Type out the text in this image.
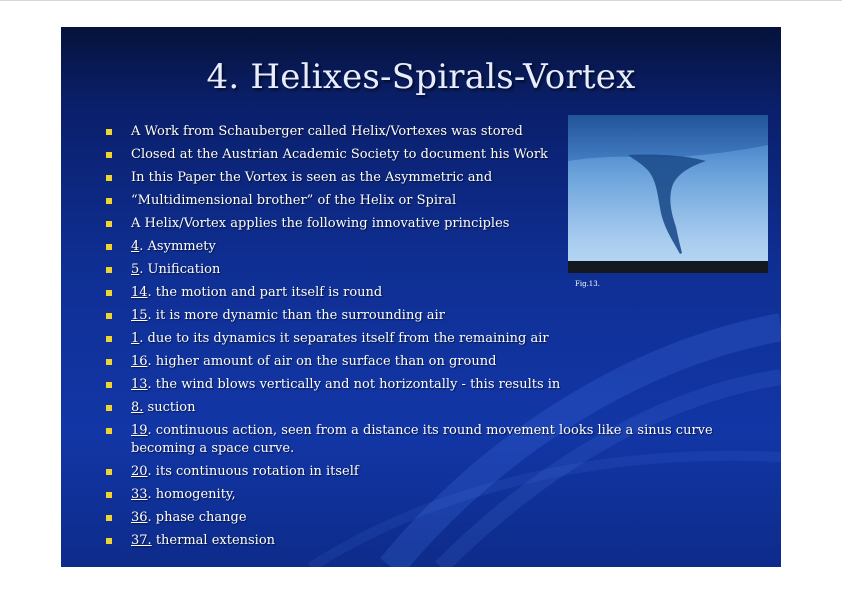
4. Helixes-Spirals-Vortex
A Work from Schauberger called Helix/Vortexes was stored
Closed at the Austrian Academic Society to document his Work
In this Paper the Vortex is seen as the Asymmetric and
“Multidimensional brother” of the Helix or Spiral
A Helix/Vortex applies the following innovative principles
4. Asymmety
5. Unification
14. the motion and part itself is round
15. it is more dynamic than the surrounding air
1. due to its dynamics it separates itself from the remaining air
16. higher amount of air on the surface than on ground
13. the wind blows vertically and not horizontally - this results in
8. suction
19. continuous action, seen from a distance its round movement looks like a sinus curve becoming a space curve.
20. its continuous rotation in itself
33. homogenity,
36. phase change
37. thermal extension
Fig.13.
